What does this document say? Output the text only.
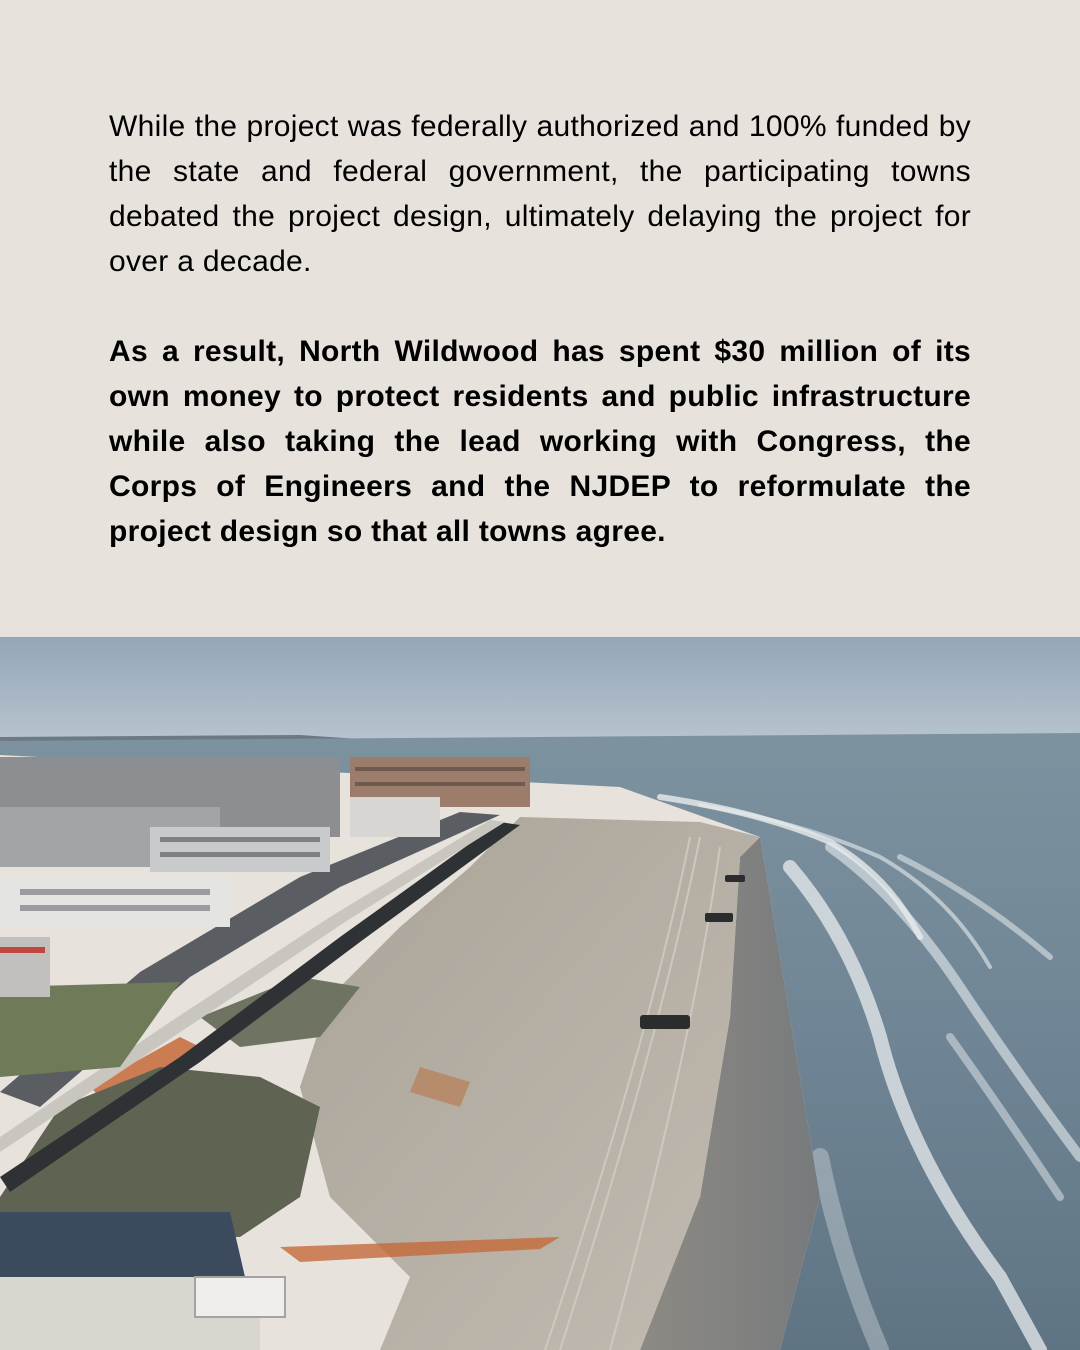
While the project was federally authorized and 100% funded by the state and federal government, the participating towns debated the project design, ultimately delaying the project for over a decade.

As a result, North Wildwood has spent $30 million of its own money to protect residents and public infrastructure while also taking the lead working with Congress, the Corps of Engineers and the NJDEP to reformulate the project design so that all towns agree.
